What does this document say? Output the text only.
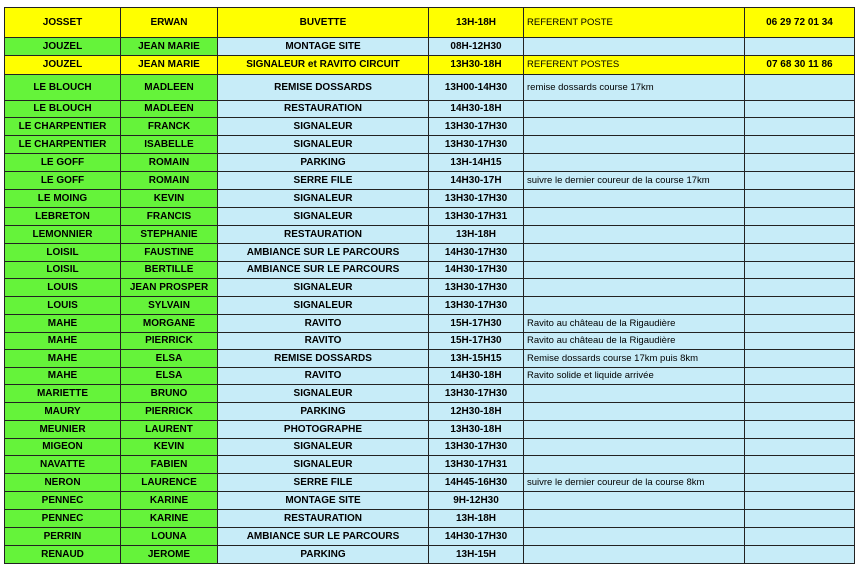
JOSSET	ERWAN	BUVETTE	13H-18H	REFERENT POSTE	06 29 72 01 34
JOUZEL	JEAN MARIE	MONTAGE SITE	08H-12H30		
JOUZEL	JEAN MARIE	SIGNALEUR et RAVITO CIRCUIT	13H30-18H	REFERENT POSTES	07 68 30 11 86
LE BLOUCH	MADLEEN	REMISE DOSSARDS	13H00-14H30	remise dossards course 17km	
LE BLOUCH	MADLEEN	RESTAURATION	14H30-18H		
LE CHARPENTIER	FRANCK	SIGNALEUR	13H30-17H30		
LE CHARPENTIER	ISABELLE	SIGNALEUR	13H30-17H30		
LE GOFF	ROMAIN	PARKING	13H-14H15		
LE GOFF	ROMAIN	SERRE FILE	14H30-17H	suivre le dernier coureur de la course 17km	
LE MOING	KEVIN	SIGNALEUR	13H30-17H30		
LEBRETON	FRANCIS	SIGNALEUR	13H30-17H31		
LEMONNIER	STEPHANIE	RESTAURATION	13H-18H		
LOISIL	FAUSTINE	AMBIANCE SUR LE PARCOURS	14H30-17H30		
LOISIL	BERTILLE	AMBIANCE SUR LE PARCOURS	14H30-17H30		
LOUIS	JEAN PROSPER	SIGNALEUR	13H30-17H30		
LOUIS	SYLVAIN	SIGNALEUR	13H30-17H30		
MAHE	MORGANE	RAVITO	15H-17H30	Ravito au château de la Rigaudière	
MAHE	PIERRICK	RAVITO	15H-17H30	Ravito au château de la Rigaudière	
MAHE	ELSA	REMISE DOSSARDS	13H-15H15	Remise dossards course 17km puis 8km	
MAHE	ELSA	RAVITO	14H30-18H	Ravito solide et liquide arrivée	
MARIETTE	BRUNO	SIGNALEUR	13H30-17H30		
MAURY	PIERRICK	PARKING	12H30-18H		
MEUNIER	LAURENT	PHOTOGRAPHE	13H30-18H		
MIGEON	KEVIN	SIGNALEUR	13H30-17H30		
NAVATTE	FABIEN	SIGNALEUR	13H30-17H31		
NERON	LAURENCE	SERRE FILE	14H45-16H30	suivre le dernier coureur de la course 8km	
PENNEC	KARINE	MONTAGE SITE	9H-12H30		
PENNEC	KARINE	RESTAURATION	13H-18H		
PERRIN	LOUNA	AMBIANCE SUR LE PARCOURS	14H30-17H30		
RENAUD	JEROME	PARKING	13H-15H		
